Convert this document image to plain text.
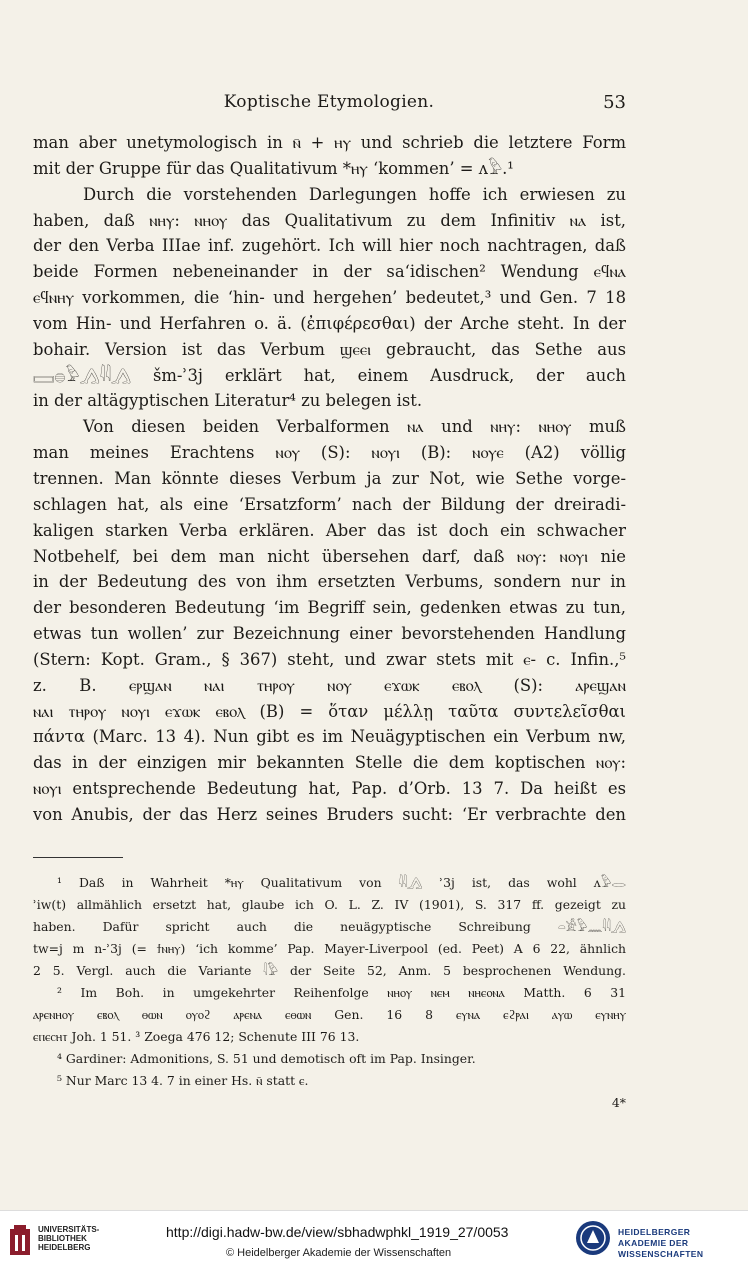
Koptische Etymologien.	53

man aber unetymologisch in ⲛ̄ + ⲏⲩ und schrieb die letztere Form

mit der Gruppe für das Qualitativum *ⲏⲩ ‘kommen’ = ʌ𓅱.¹

Durch die vorstehenden Darlegungen hoffe ich erwiesen zu

haben, daß ⲛⲏⲩ: ⲛⲏⲟⲩ das Qualitativum zu dem Infinitiv ⲛⲁ ist,

der den Verba IIIae inf. zugehört. Ich will hier noch nachtragen, daß

beide Formen nebeneinander in der sa‘idischen² Wendung ⲉϥⲛⲁ

ⲉϥⲛⲏⲩ vorkommen, die ‘hin- und hergehen’ bedeutet,³ und Gen. 7 18

vom Hin- und Herfahren o. ä. (ἐπιφέρεσθαι) der Arche steht. In der

bohair. Version ist das Verbum ϣⲉⲉⲓ gebraucht, das Sethe aus

𓈙𓐍𓅱𓂻𓇋𓇋𓂻 šm-ʾ3j erklärt hat, einem Ausdruck, der auch

in der altägyptischen Literatur⁴ zu belegen ist.

Von diesen beiden Verbalformen ⲛⲁ und ⲛⲏⲩ: ⲛⲏⲟⲩ muß

man meines Erachtens ⲛⲟⲩ (S): ⲛⲟⲩⲓ (B): ⲛⲟⲩⲉ (A2) völlig

trennen. Man könnte dieses Verbum ja zur Not, wie Sethe vorge-

schlagen hat, als eine ‘Ersatzform’ nach der Bildung der dreiradi-

kaligen starken Verba erklären. Aber das ist doch ein schwacher

Notbehelf, bei dem man nicht übersehen darf, daß ⲛⲟⲩ: ⲛⲟⲩⲓ nie

in der Bedeutung des von ihm ersetzten Verbums, sondern nur in

der besonderen Bedeutung ‘im Begriff sein, gedenken etwas zu tun,

etwas tun wollen’ zur Bezeichnung einer bevorstehenden Handlung

(Stern: Kopt. Gram., § 367) steht, und zwar stets mit ⲉ- c. Infin.,⁵

z. B. ⲉⲣϣⲁⲛ ⲛⲁⲓ ⲧⲏⲣⲟⲩ ⲛⲟⲩ ⲉϫⲱⲕ ⲉⲃⲟⲗ (S): ⲁⲣⲉϣⲁⲛ

ⲛⲁⲓ ⲧⲏⲣⲟⲩ ⲛⲟⲩⲓ ⲉϫⲱⲕ ⲉⲃⲟⲗ (B) = ὅταν μέλλῃ ταῦτα συντελεῖσθαι

πάντα (Marc. 13 4). Nun gibt es im Neuägyptischen ein Verbum nw,

das in der einzigen mir bekannten Stelle die dem koptischen ⲛⲟⲩ:

ⲛⲟⲩⲓ entsprechende Bedeutung hat, Pap. d’Orb. 13 7. Da heißt es

von Anubis, der das Herz seines Bruders sucht: ‘Er verbrachte den

¹ Daß in Wahrheit *ⲏⲩ Qualitativum von 𓇋𓇋𓂻 ʾ3j ist, das wohl ʌ𓅱𓂋

ʾiw(t) allmählich ersetzt hat, glaube ich O. L. Z. IV (1901), S. 317 ff. gezeigt zu

haben. Dafür spricht auch die neuägyptische Schreibung 𓏏𓀀𓅱𓈖𓇋𓇋𓂻

tw=j m n-ʾ3j (= ϯⲛⲏⲩ) ‘ich komme’ Pap. Mayer-Liverpool (ed. Peet) A 6 22, ähnlich

2 5. Vergl. auch die Variante 𓇋𓅱 der Seite 52, Anm. 5 besprochenen Wendung.

² Im Boh. in umgekehrter Reihenfolge ⲛⲏⲟⲩ ⲛⲉⲙ ⲛⲏⲉⲟⲛⲁ Matth. 6 31

ⲁⲣⲉⲛⲏⲟⲩ ⲉⲃⲟⲗ ⲑⲱⲛ ⲟⲩⲟϩ ⲁⲣⲉⲛⲁ ⲉⲑⲱⲛ Gen. 16 8 ⲉⲩⲛⲁ ⲉϩⲣⲁⲓ ⲁⲩⲱ ⲉⲩⲛⲏⲩ

ⲉⲡⲉⲥⲏⲧ Joh. 1 51. ³ Zoega 476 12; Schenute III 76 13.

⁴ Gardiner: Admonitions, S. 51 und demotisch oft im Pap. Insinger.

⁵ Nur Marc 13 4. 7 in einer Hs. ⲛ̄ statt ⲉ.

4*

UNIVERSITÄTS- BIBLIOTHEK HEIDELBERG
http://digi.hadw-bw.de/view/sbhadwphkl_1919_27/0053
© Heidelberger Akademie der Wissenschaften
HEIDELBERGER AKADEMIE DER WISSENSCHAFTEN
